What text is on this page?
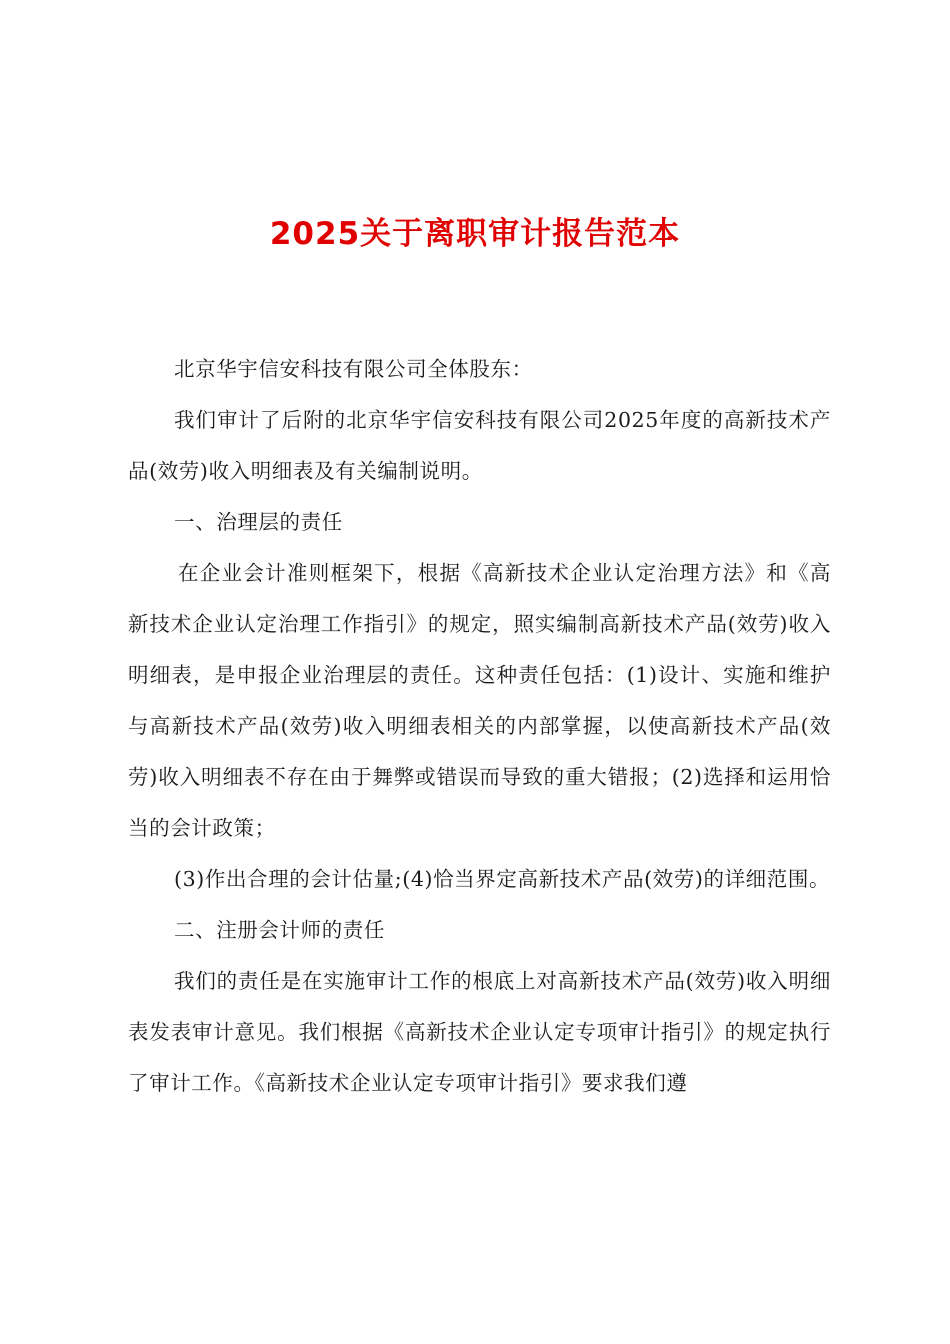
2025关于离职审计报告范本

北京华宇信安科技有限公司全体股东：

我们审计了后附的北京华宇信安科技有限公司2025年度的高新技术产品(效劳)收入明细表及有关编制说明。

一、治理层的责任

在企业会计准则框架下，根据《高新技术企业认定治理方法》和《高新技术企业认定治理工作指引》的规定，照实编制高新技术产品(效劳)收入明细表，是申报企业治理层的责任。这种责任包括：(1)设计、实施和维护与高新技术产品(效劳)收入明细表相关的内部掌握，以使高新技术产品(效劳)收入明细表不存在由于舞弊或错误而导致的重大错报；(2)选择和运用恰当的会计政策；

(3)作出合理的会计估量;(4)恰当界定高新技术产品(效劳)的详细范围。

二、注册会计师的责任

我们的责任是在实施审计工作的根底上对高新技术产品(效劳)收入明细表发表审计意见。我们根据《高新技术企业认定专项审计指引》的规定执行了审计工作。《高新技术企业认定专项审计指引》要求我们遵
